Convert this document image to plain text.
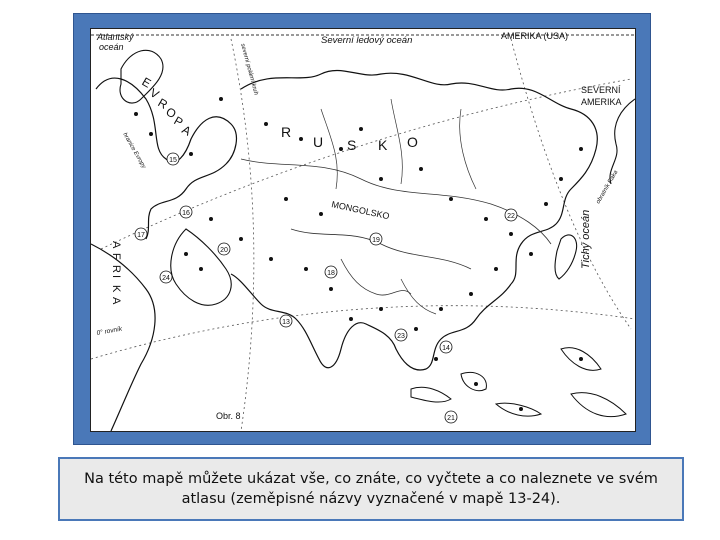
15
16
17
18
19
20
21
22
23
14
24
13
Atlantský
oceán
Severní ledový oceán	AMERIKA (USA)
SEVERNÍ
AMERIKA
E
V
R
O
P
A	R
U S K O
MONGOLSKO
A
F
R
I
K
A
Tichý oceán
obratník Raka
0° rovník
severní polární kruh
hranice Evropy
Obr. 8
Na této mapě můžete ukázat vše, co znáte, co vyčtete a co naleznete ve svém atlasu (zeměpisné názvy vyznačené v mapě 13-24).
